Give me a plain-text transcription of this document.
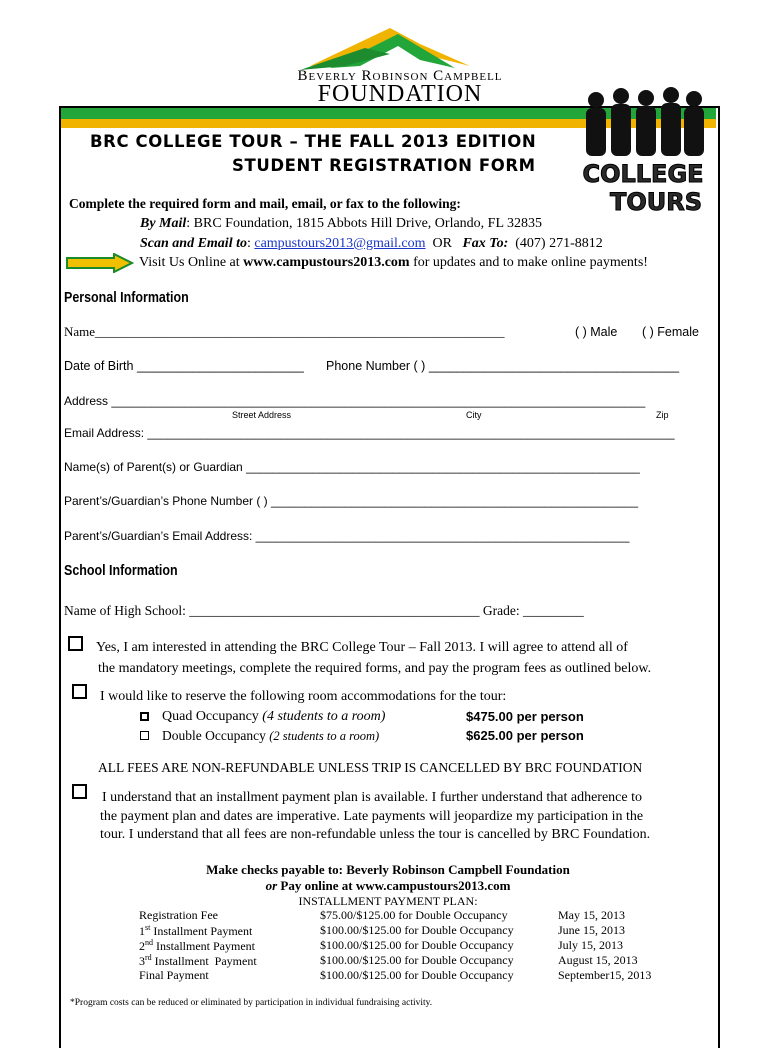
Beverly Robinson Campbell
FOUNDATION
COLLEGE
TOURS
BRC COLLEGE TOUR – THE FALL 2013 EDITION
STUDENT REGISTRATION FORM
Complete the required form and mail, email, or fax to the following:
By Mail: BRC Foundation, 1815 Abbots Hill Drive, Orlando, FL 32835
Scan and Email to: campustours2013@gmail.com OR Fax To: (407) 271-8812
Visit Us Online at www.campustours2013.com for updates and to make online payments!
Personal Information
Name_______________________________________________________________	( ) Male ( ) Female
Date of Birth ________________________ Phone Number ( ) ____________________________________
Address ________________________________________________________________________________
Street Address	City	Zip
Email Address: _______________________________________________________________________________
Name(s) of Parent(s) or Guardian ___________________________________________________________
Parent’s/Guardian’s Phone Number ( ) _______________________________________________________
Parent’s/Guardian’s Email Address: ________________________________________________________
School Information
Name of High School: ___________________________________________ Grade: _________
Yes, I am interested in attending the BRC College Tour – Fall 2013. I will agree to attend all of
the mandatory meetings, complete the required forms, and pay the program fees as outlined below.
I would like to reserve the following room accommodations for the tour:
Quad Occupancy (4 students to a room)	$475.00 per person
Double Occupancy (2 students to a room)	$625.00 per person
ALL FEES ARE NON-REFUNDABLE UNLESS TRIP IS CANCELLED BY BRC FOUNDATION
I understand that an installment payment plan is available. I further understand that adherence to
the payment plan and dates are imperative. Late payments will jeopardize my participation in the
tour. I understand that all fees are non-refundable unless the tour is cancelled by BRC Foundation.
Make checks payable to: Beverly Robinson Campbell Foundation
or Pay online at www.campustours2013.com
INSTALLMENT PAYMENT PLAN:
Registration Fee	$75.00/$125.00 for Double Occupancy	May 15, 2013
1st Installment Payment	$100.00/$125.00 for Double Occupancy	June 15, 2013
2nd Installment Payment	$100.00/$125.00 for Double Occupancy	July 15, 2013
3rd Installment  Payment	$100.00/$125.00 for Double Occupancy	August 15, 2013
Final Payment	$100.00/$125.00 for Double Occupancy	September15, 2013
*Program costs can be reduced or eliminated by participation in individual fundraising activity.
